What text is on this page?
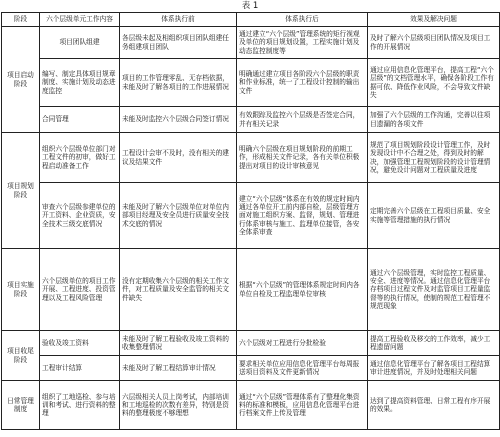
表 1
阶段	六个层级单元工作内容	体系执行前	体系执行后	效果及解决问题
项目启动阶段	项目团队组建	各层级未起及相组织项目团队组建任务组建项目团队	通过建立“六个层级”管理系统的矩行视观及单位的项目规划设置，工程实施计划及动态监控制度等	及时了解六个层级项目团队情况及项目工作的开展情况
	编写、制定具体项目规章制度、实施计划及动态进度监控	项目的工作管理零乱、无存档依据，未能及时了解各项目的工作进展情况	明确通过建立项目各阶段六个层级的职责和作业标准，统一了工程设计控制的输出文件	通过应用信息化管理平台，提高工程“六个层级”的文档管理水平，确保各阶段工作有据可依、降低作业风险，不会导致文件缺失
	合同管理	未能及时监控六个层级合同签订情况	有效跟踪及监控六个层级是否签定合同，并有相关记录	加强了六个层级的工作沟通，完善以往项目遗漏的各项文件
项目规划阶段	组织六个层级单位部门对工程文件的初审，做好工程启动准备工作	工程设计会审不及时，没有相关的建议及结果文件	明确六个层级在项目规划阶段的前期工作，形成相关文件记录，各有关单位积极提出对项目的设计审核意见	规范了项目规划阶段设计管理工作，及时发现设计中不合理之处，得到及时的解决，加强管理工程规划阶段的设计管理情况，避免设计问题对工程质量及进度
	审查六个层级参建单位的开工资料、企业资质，安全技术三级交底情况	未能及时了解六个层级单位对单位内部项目经理及安全员进行质量安全技术交底的情况	建立“六个层级”体系在有效的规定时间内通过各单位开工前内部自检，层级管理方面对施工组织方案、监督，规划、管理进行体系审核与施工、监理单位接管，各安全体系审查	定期完善六个层级在工程项目质量、安全实施等管理措施的执行情况
项目实施阶段	六个层级单位的项目工作开展、工程进度、投资管理以及工程风险管理	没有定期收集六个层级的相关工作文件，对工程质量及安全监管的相关文件缺失	根据“六个层级”的管理体系规定时间内各单位自检及工程监理单位审核	通过六个层级管理，实时监控工程质量、安全、进度等情况。通过信息化管理平台存档项目过程文件及对监管项目工程量监督等的执行情况，使制的规范工程管理不规范现象
项目收尾阶段	验收及竣工资料	未能及时了解工程验收及竣工资料的收集整理情况	六个层级对工程进行分批检验	提高工程验收及移交的工作效率，减少工程遗留问题
	工程审计结算	未能及时了解工程结算审计情况	要求相关单位应用信息化管理平台每周报送项目资料及文件更新情况	通过信息化管理平台了解各项目工程结算审计进度情况，并及时处理相关问题
日常管理制度	组织了工地巡检、参与培训和考试、进行资料的整理	六层级相关人员上岗考试，内部培训和工地巡检的次数有差异，特别是资料的整理极度不够理想	通过“六个层级”管理体系有了整理化集资料的标准和模板，应用信息化管理平台进行档案文件上传及管理	达到了提高资料管理、日常工程有序开展的效果。
